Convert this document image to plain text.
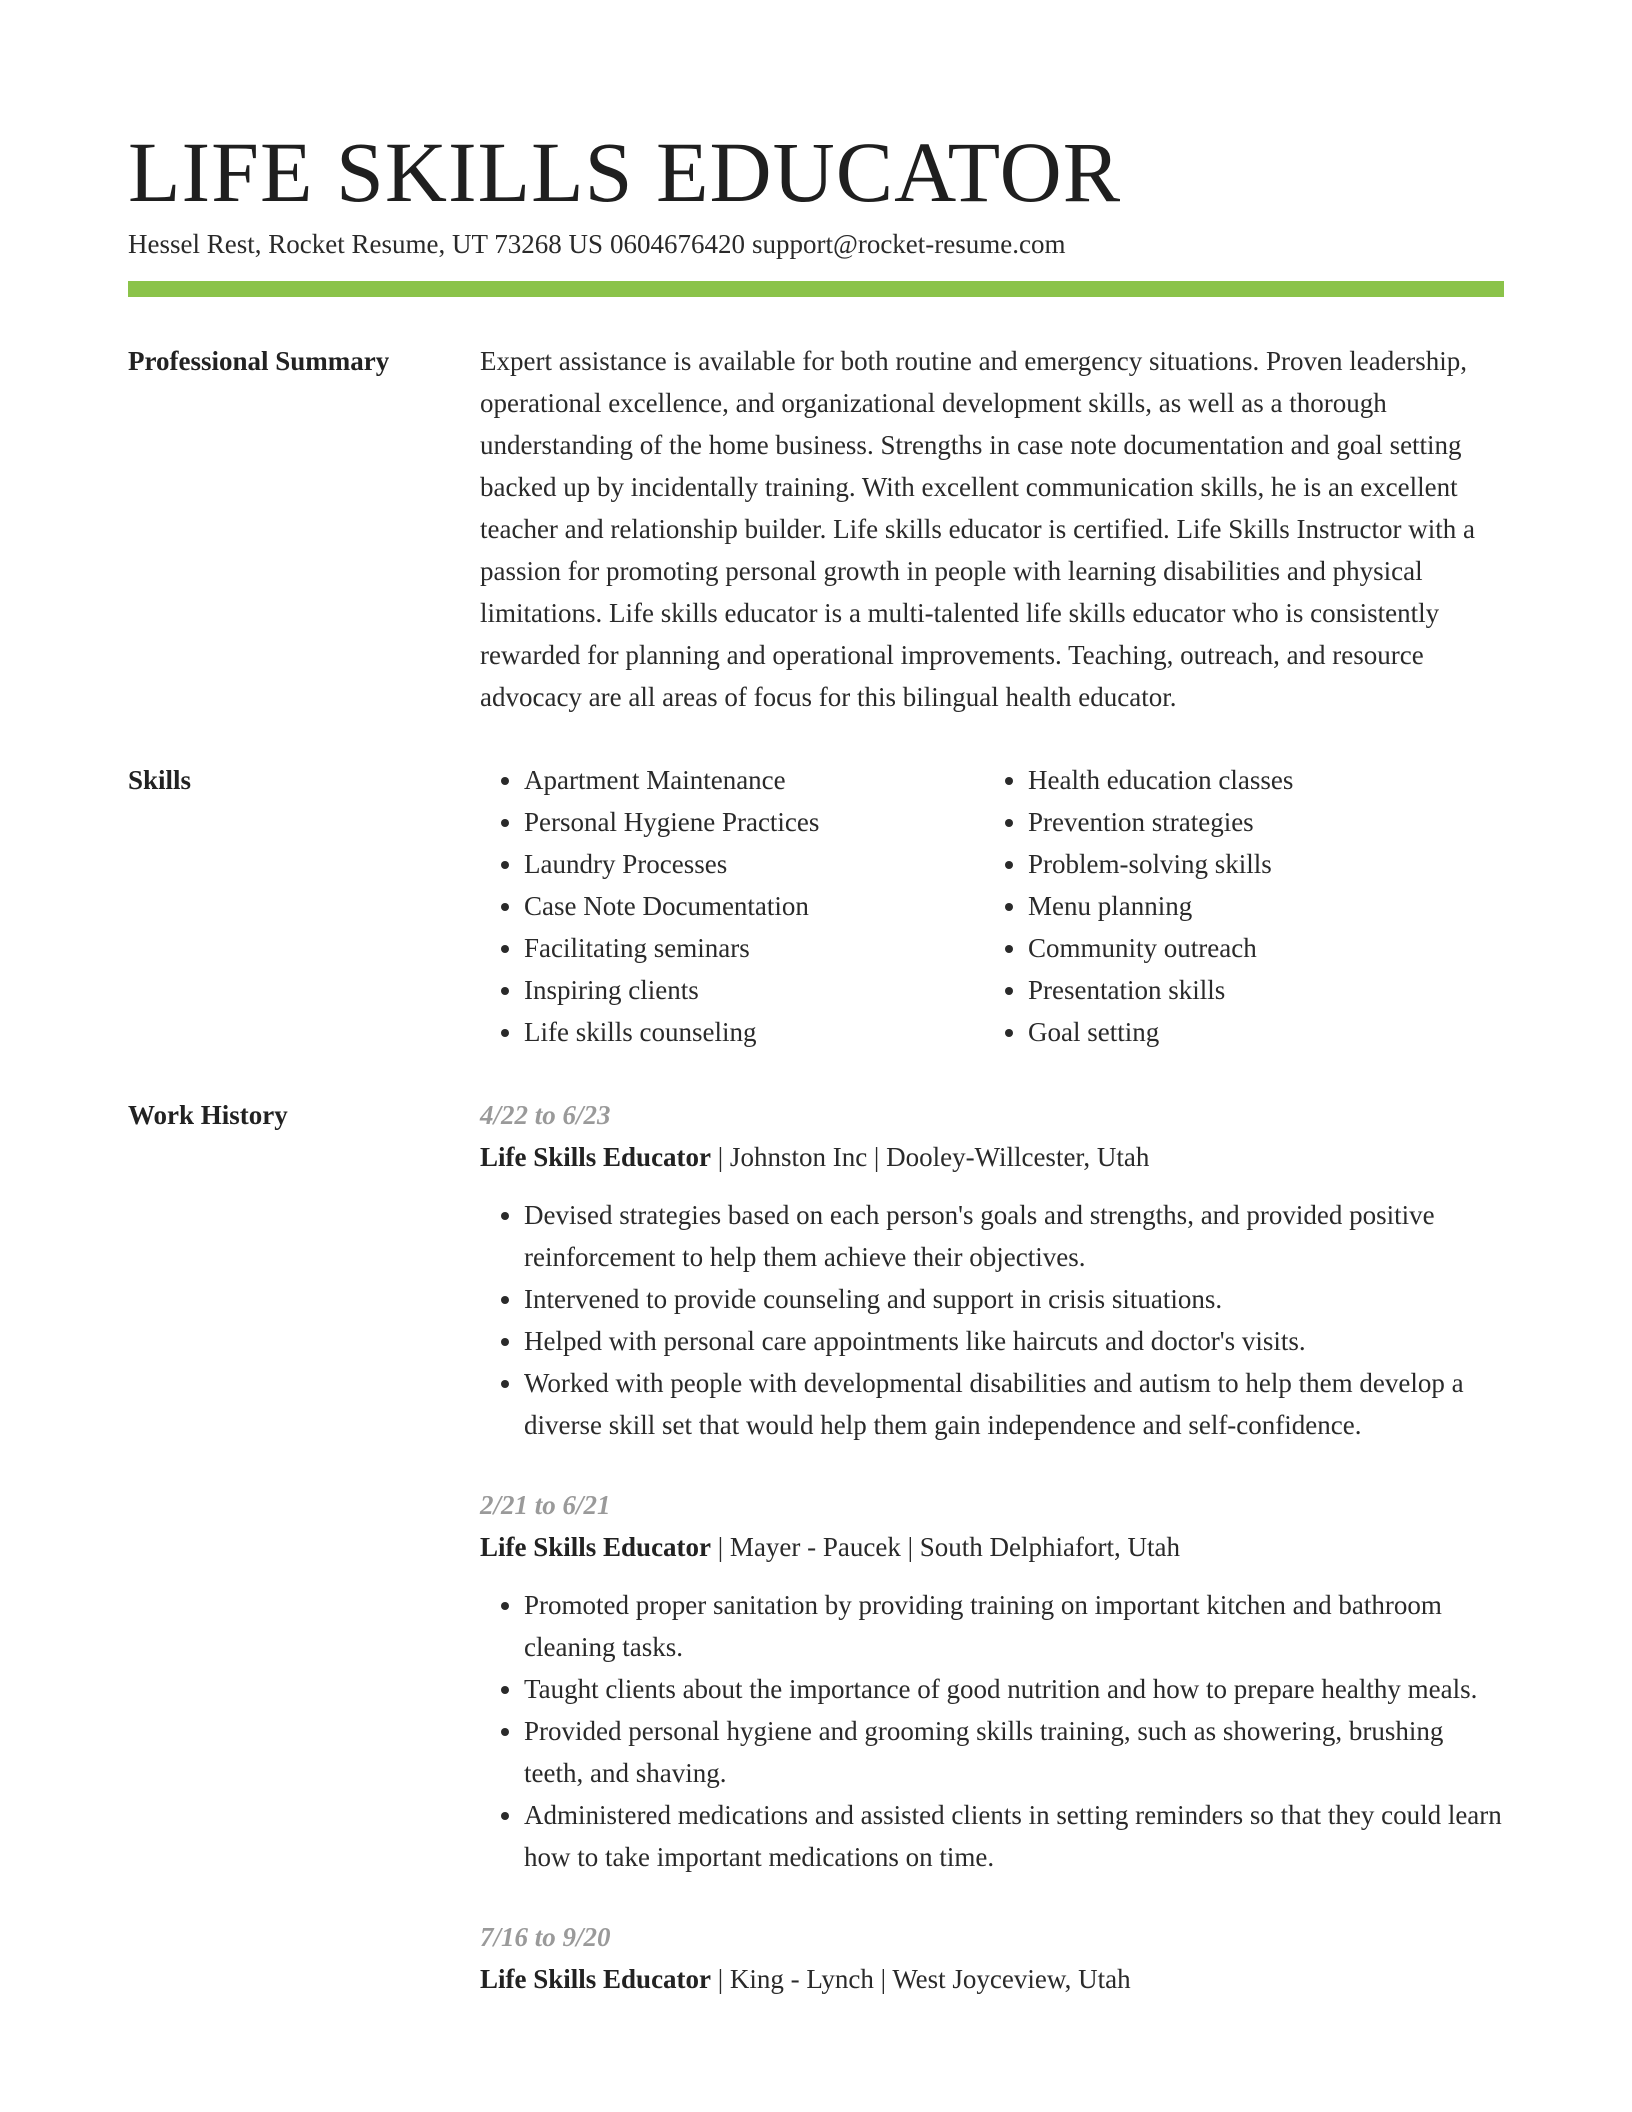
LIFE SKILLS EDUCATOR
Hessel Rest, Rocket Resume, UT 73268 US 0604676420 support@rocket-resume.com
Professional Summary	Expert assistance is available for both routine and emergency situations. Proven leadership, operational excellence, and organizational development skills, as well as a thorough understanding of the home business. Strengths in case note documentation and goal setting backed up by incidentally training. With excellent communication skills, he is an excellent teacher and relationship builder. Life skills educator is certified. Life Skills Instructor with a passion for promoting personal growth in people with learning disabilities and physical limitations. Life skills educator is a multi-talented life skills educator who is consistently rewarded for planning and operational improvements. Teaching, outreach, and resource advocacy are all areas of focus for this bilingual health educator.

Skills
•	Apartment Maintenance
• Personal Hygiene Practices
• Laundry Processes
• Case Note Documentation
• Facilitating seminars
• Inspiring clients
• Life skills counseling
• Health education classes
• Prevention strategies
• Problem-solving skills
• Menu planning
• Community outreach
• Presentation skills
• Goal setting
Work History	4/22 to 6/23
Life Skills Educator | Johnston Inc | Dooley-Willcester, Utah
• Devised strategies based on each person's goals and strengths, and provided positive reinforcement to help them achieve their objectives.
• Intervened to provide counseling and support in crisis situations.
• Helped with personal care appointments like haircuts and doctor's visits.
• Worked with people with developmental disabilities and autism to help them develop a diverse skill set that would help them gain independence and self-confidence.
2/21 to 6/21
Life Skills Educator | Mayer - Paucek | South Delphiafort, Utah
• Promoted proper sanitation by providing training on important kitchen and bathroom cleaning tasks.
• Taught clients about the importance of good nutrition and how to prepare healthy meals.
• Provided personal hygiene and grooming skills training, such as showering, brushing teeth, and shaving.
• Administered medications and assisted clients in setting reminders so that they could learn how to take important medications on time.
7/16 to 9/20
Life Skills Educator | King - Lynch | West Joyceview, Utah
